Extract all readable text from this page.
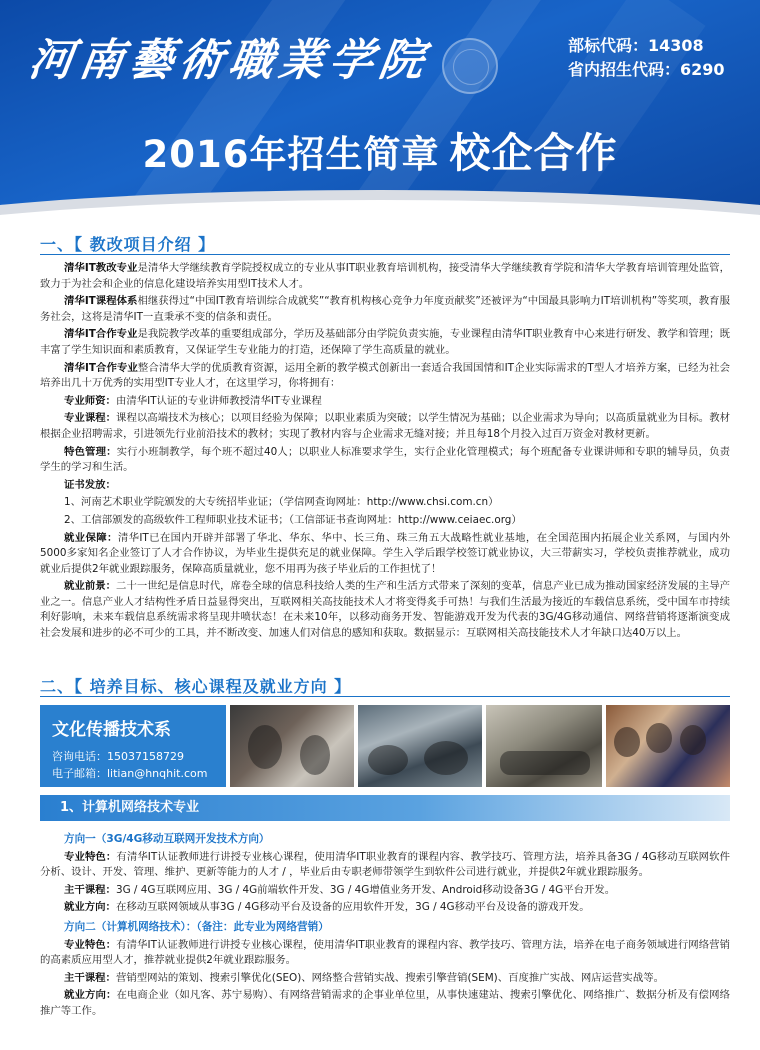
河南藝術職業学院	部标代码：14308
省内招生代码：6290
2016年招生简章 校企合作
一、【 教改项目介绍 】

清华IT教改专业是清华大学继续教育学院授权成立的专业从事IT职业教育培训机构，接受清华大学继续教育学院和清华大学教育培训管理处监管，致力于为社会和企业的信息化建设培养实用型IT技术人才。

清华IT课程体系相继获得过“中国IT教育培训综合成就奖”“教育机构核心竞争力年度贡献奖”还被评为“中国最具影响力IT培训机构”等奖项，教育服务社会，这将是清华IT一直秉承不变的信条和责任。

清华IT合作专业是我院教学改革的重要组成部分，学历及基础部分由学院负责实施，专业课程由清华IT职业教育中心来进行研发、教学和管理；既丰富了学生知识面和素质教育，又保证学生专业能力的打造，还保障了学生高质量的就业。

清华IT合作专业整合清华大学的优质教育资源，运用全新的教学模式创新出一套适合我国国情和IT企业实际需求的T型人才培养方案，已经为社会培养出几十万优秀的实用型IT专业人才，在这里学习，你将拥有：

专业师资：由清华IT认证的专业讲师教授清华IT专业课程

专业课程：课程以高端技术为核心；以项目经验为保障；以职业素质为突破；以学生情况为基础；以企业需求为导向；以高质量就业为目标。教材根据企业招聘需求，引进领先行业前沿技术的教材；实现了教材内容与企业需求无缝对接；并且每18个月投入过百万资金对教材更新。

特色管理：实行小班制教学，每个班不超过40人；以职业人标准要求学生，实行企业化管理模式；每个班配备专业课讲师和专职的辅导员，负责学生的学习和生活。

证书发放：

1、河南艺术职业学院颁发的大专统招毕业证；（学信网查询网址：http://www.chsi.com.cn）

2、工信部颁发的高级软件工程师职业技术证书；（工信部证书查询网址：http://www.ceiaec.org）

就业保障：清华IT已在国内开辟并部署了华北、华东、华中、长三角、珠三角五大战略性就业基地，在全国范围内拓展企业关系网，与国内外5000多家知名企业签订了人才合作协议，为毕业生提供充足的就业保障。学生入学后跟学校签订就业协议，大三带薪实习，学校负责推荐就业，成功就业后提供2年就业跟踪服务，保障高质量就业，您不用再为孩子毕业后的工作担忧了！

就业前景：二十一世纪是信息时代，席卷全球的信息科技给人类的生产和生活方式带来了深刻的变革，信息产业已成为推动国家经济发展的主导产业之一。信息产业人才结构性矛盾日益显得突出，互联网相关高技能技术人才将变得炙手可热！与我们生活最为接近的车载信息系统，受中国车市持续利好影响，未来车载信息系统需求将呈现井喷状态！在未来10年，以移动商务开发、智能游戏开发为代表的3G/4G移动通信、网络营销将逐渐演变成社会发展和进步的必不可少的工具，并不断改变、加速人们对信息的感知和获取。数据显示：互联网相关高技能技术人才年缺口达40万以上。

二、【 培养目标、核心课程及就业方向 】
文化传播技术系
咨询电话：15037158729
电子邮箱：litian@hnqhit.com
1、计算机网络技术专业
方向一（3G/4G移动互联网开发技术方向）

专业特色：有清华IT认证教师进行讲授专业核心课程，使用清华IT职业教育的课程内容、教学技巧、管理方法，培养具备3G / 4G移动互联网软件分析、设计、开发、管理、维护、更新等能力的人才 / ，毕业后由专职老师带领学生到软件公司进行就业，并提供2年就业跟踪服务。

主干课程：3G / 4G互联网应用、3G / 4G前端软件开发、3G / 4G增值业务开发、Android移动设备3G / 4G平台开发。

就业方向：在移动互联网领域从事3G / 4G移动平台及设备的应用软件开发，3G / 4G移动平台及设备的游戏开发。

方向二（计算机网络技术）：（备注：此专业为网络营销）

专业特色：有清华IT认证教师进行讲授专业核心课程，使用清华IT职业教育的课程内容、教学技巧、管理方法，培养在电子商务领域进行网络营销的高素质应用型人才，推荐就业提供2年就业跟踪服务。

主干课程：营销型网站的策划、搜索引擎优化(SEO)、网络整合营销实战、搜索引擎营销(SEM)、百度推广实战、网店运营实战等。

就业方向：在电商企业（如凡客、苏宁易购）、有网络营销需求的企事业单位里，从事快速建站、搜索引擎优化、网络推广、数据分析及有偿网络推广等工作。
